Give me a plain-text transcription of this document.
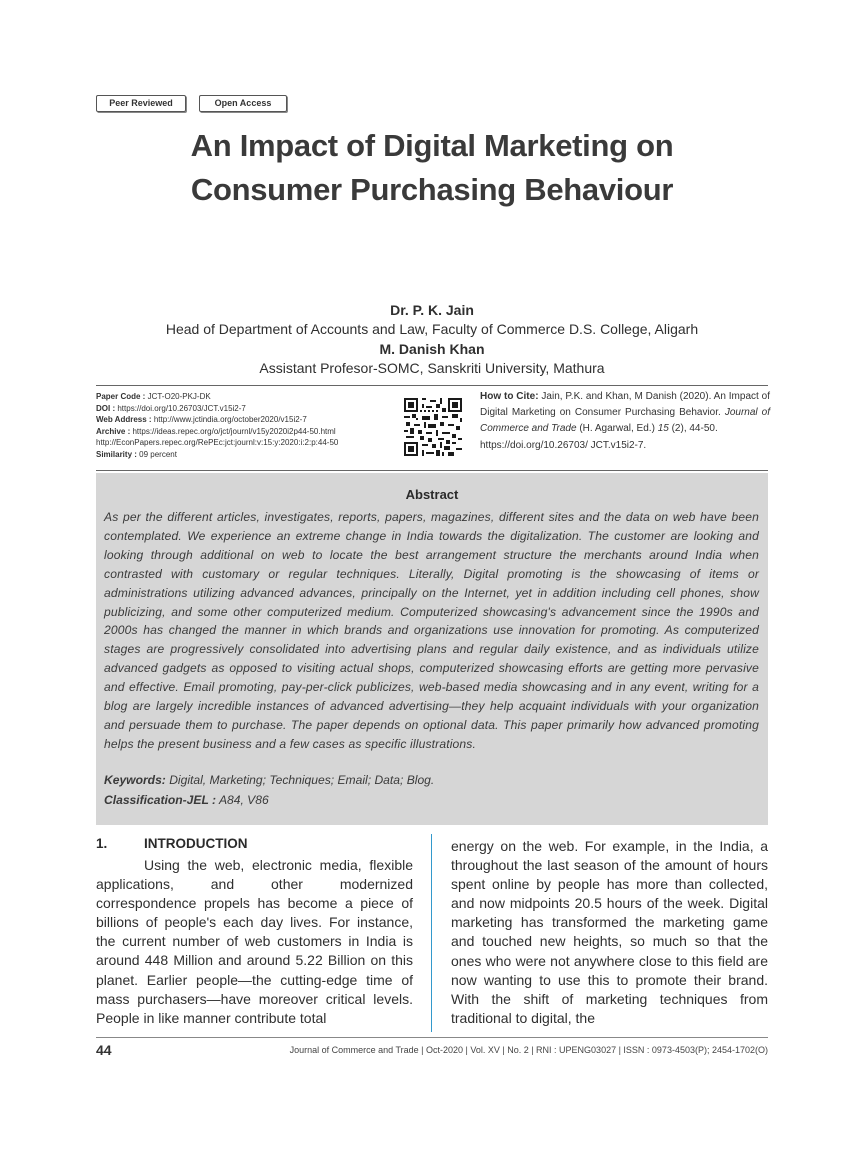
Peer Reviewed	Open Access
An Impact of Digital Marketing on
Consumer Purchasing Behaviour
Dr. P. K. Jain
Head of Department of Accounts and Law, Faculty of Commerce D.S. College, Aligarh
M. Danish Khan
Assistant Profesor-SOMC, Sanskriti University, Mathura
Paper Code : JCT-O20-PKJ-DK
DOI : https://doi.org/10.26703/JCT.v15i2-7
Web Address : http://www.jctindia.org/october2020/v15i2-7
Archive : https://ideas.repec.org/o/jct/journl/v15y2020i2p44-50.html
http://EconPapers.repec.org/RePEc:jct:journl:v:15:y:2020:i:2:p:44-50
Similarity : 09 percent
How to Cite: Jain, P.K. and Khan, M Danish (2020). An Impact of Digital Marketing on Consumer Purchasing Behavior. Journal of Commerce and Trade (H. Agarwal, Ed.) 15 (2), 44-50.
https://doi.org/10.26703/ JCT.v15i2-7.
Abstract
As per the different articles, investigates, reports, papers, magazines, different sites and the data on web have been contemplated. We experience an extreme change in India towards the digitalization. The customer are looking and looking through additional on web to locate the best arrangement structure the merchants around India when contrasted with customary or regular techniques. Literally, Digital promoting is the showcasing of items or administrations utilizing advanced advances, principally on the Internet, yet in addition including cell phones, show publicizing, and some other computerized medium. Computerized showcasing's advancement since the 1990s and 2000s has changed the manner in which brands and organizations use innovation for promoting. As computerized stages are progressively consolidated into advertising plans and regular daily existence, and as individuals utilize advanced gadgets as opposed to visiting actual shops, computerized showcasing efforts are getting more pervasive and effective. Email promoting, pay-per-click publicizes, web-based media showcasing and in any event, writing for a blog are largely incredible instances of advanced advertising—they help acquaint individuals with your organization and persuade them to purchase. The paper depends on optional data. This paper primarily how advanced promoting helps the present business and a few cases as specific illustrations.
Keywords: Digital, Marketing; Techniques; Email; Data; Blog.
Classification-JEL : A84, V86
1.	INTRODUCTION
Using the web, electronic media, flexible applications, and other modernized correspondence propels has become a piece of billions of people's each day lives. For instance, the current number of web customers in India is around 448 Million and around 5.22 Billion on this planet. Earlier people—the cutting-edge time of mass purchasers—have moreover critical levels. People in like manner contribute total
energy on the web. For example, in the India, a throughout the last season of the amount of hours spent online by people has more than collected, and now midpoints 20.5 hours of the week. Digital marketing has transformed the marketing game and touched new heights, so much so that the ones who were not anywhere close to this field are now wanting to use this to promote their brand. With the shift of marketing techniques from traditional to digital, the
44	Journal of Commerce and Trade | Oct-2020 | Vol. XV | No. 2 | RNI : UPENG03027 | ISSN : 0973-4503(P); 2454-1702(O)
